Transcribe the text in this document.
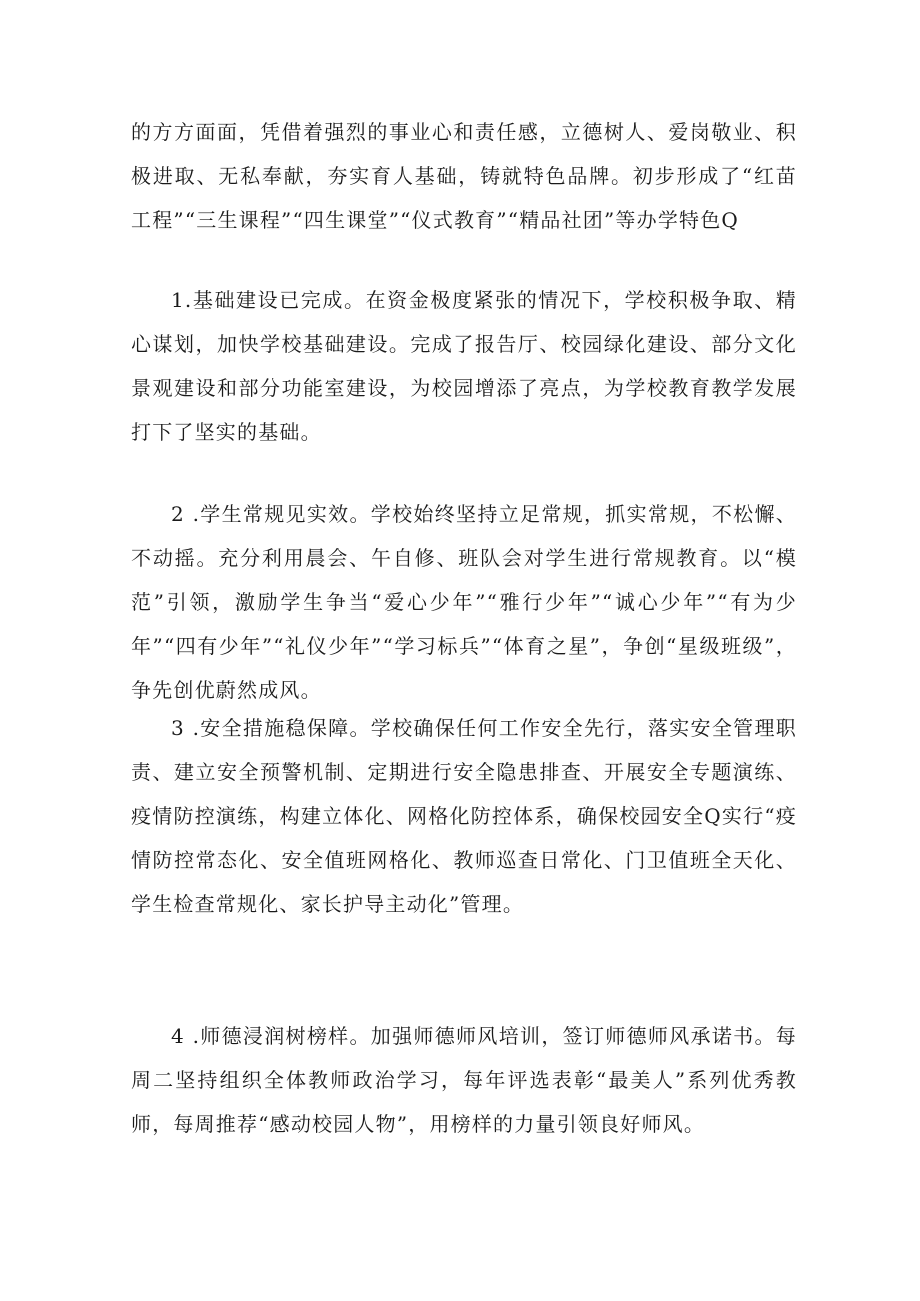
的方方面面，凭借着强烈的事业心和责任感，立德树人、爱岗敬业、积极进取、无私奉献，夯实育人基础，铸就特色品牌。初步形成了“红苗工程”“三生课程”“四生课堂”“仪式教育”“精品社团”等办学特色Q

1.基础建设已完成。在资金极度紧张的情况下，学校积极争取、精心谋划，加快学校基础建设。完成了报告厅、校园绿化建设、部分文化景观建设和部分功能室建设，为校园增添了亮点，为学校教育教学发展打下了坚实的基础。

2 .学生常规见实效。学校始终坚持立足常规，抓实常规，不松懈、不动摇。充分利用晨会、午自修、班队会对学生进行常规教育。以“模范”引领，激励学生争当“爱心少年”“雅行少年”“诚心少年”“有为少年”“四有少年”“礼仪少年”“学习标兵”“体育之星”，争创“星级班级”，争先创优蔚然成风。

3 .安全措施稳保障。学校确保任何工作安全先行，落实安全管理职责、建立安全预警机制、定期进行安全隐患排查、开展安全专题演练、疫情防控演练，构建立体化、网格化防控体系，确保校园安全Q实行“疫情防控常态化、安全值班网格化、教师巡查日常化、门卫值班全天化、学生检查常规化、家长护导主动化”管理。

4 .师德浸润树榜样。加强师德师风培训，签订师德师风承诺书。每周二坚持组织全体教师政治学习，每年评选表彰“最美人”系列优秀教师，每周推荐“感动校园人物”，用榜样的力量引领良好师风。
